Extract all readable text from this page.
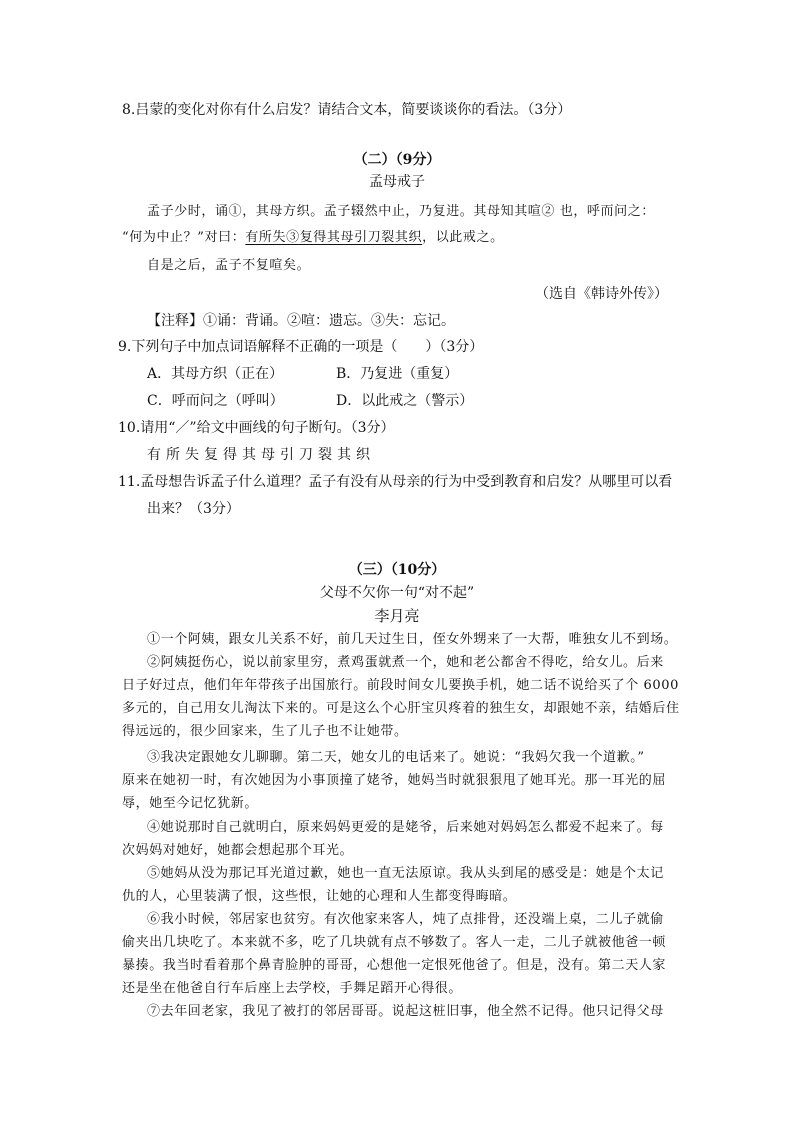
8.吕蒙的变化对你有什么启发？请结合文本，简要谈谈你的看法。（3分）
（二）（9分）
孟母戒子
孟子少时，诵①，其母方织。孟子辍然中止，乃复进。其母知其喧② 也，呼而问之：
“何为中止？”对曰：有所失③复得其母引刀裂其织，以此戒之。
自是之后，孟子不复喧矣。
（选自《韩诗外传》）
【注释】①诵：背诵。②喧：遗忘。③失：忘记。
9.下列句子中加点词语解释不正确的一项是（　　）（3分）
A．其母方织（正在）	B．乃复进（重复）
C．呼而问之（呼叫）	D．以此戒之（警示）
10.请用“／”给文中画线的句子断句。（3分）
有所失复得其母引刀裂其织
11.孟母想告诉孟子什么道理？孟子有没有从母亲的行为中受到教育和启发？从哪里可以看
出来？（3分）
（三）（10分）
父母不欠你一句“对不起”
李月亮
①一个阿姨，跟女儿关系不好，前几天过生日，侄女外甥来了一大帮，唯独女儿不到场。
②阿姨挺伤心，说以前家里穷，煮鸡蛋就煮一个，她和老公都舍不得吃，给女儿。后来
日子好过点，他们年年带孩子出国旅行。前段时间女儿要换手机，她二话不说给买了个 6000
多元的，自己用女儿淘汰下来的。可是这么个心肝宝贝疼着的独生女，却跟她不亲，结婚后住
得远远的，很少回家来，生了儿子也不让她带。
③我决定跟她女儿聊聊。第二天，她女儿的电话来了。她说：“我妈欠我一个道歉。”
原来在她初一时，有次她因为小事顶撞了姥爷，她妈当时就狠狠甩了她耳光。那一耳光的屈
辱，她至今记忆犹新。
④她说那时自己就明白，原来妈妈更爱的是姥爷，后来她对妈妈怎么都爱不起来了。每
次妈妈对她好，她都会想起那个耳光。
⑤她妈从没为那记耳光道过歉，她也一直无法原谅。我从头到尾的感受是：她是个太记
仇的人，心里装满了恨，这些恨，让她的心理和人生都变得晦暗。
⑥我小时候，邻居家也贫穷。有次他家来客人，炖了点排骨，还没端上桌，二儿子就偷
偷夹出几块吃了。本来就不多，吃了几块就有点不够数了。客人一走，二儿子就被他爸一顿
暴揍。我当时看着那个鼻青脸肿的哥哥，心想他一定恨死他爸了。但是，没有。第二天人家
还是坐在他爸自行车后座上去学校，手舞足蹈开心得很。
⑦去年回老家，我见了被打的邻居哥哥。说起这桩旧事，他全然不记得。他只记得父母
